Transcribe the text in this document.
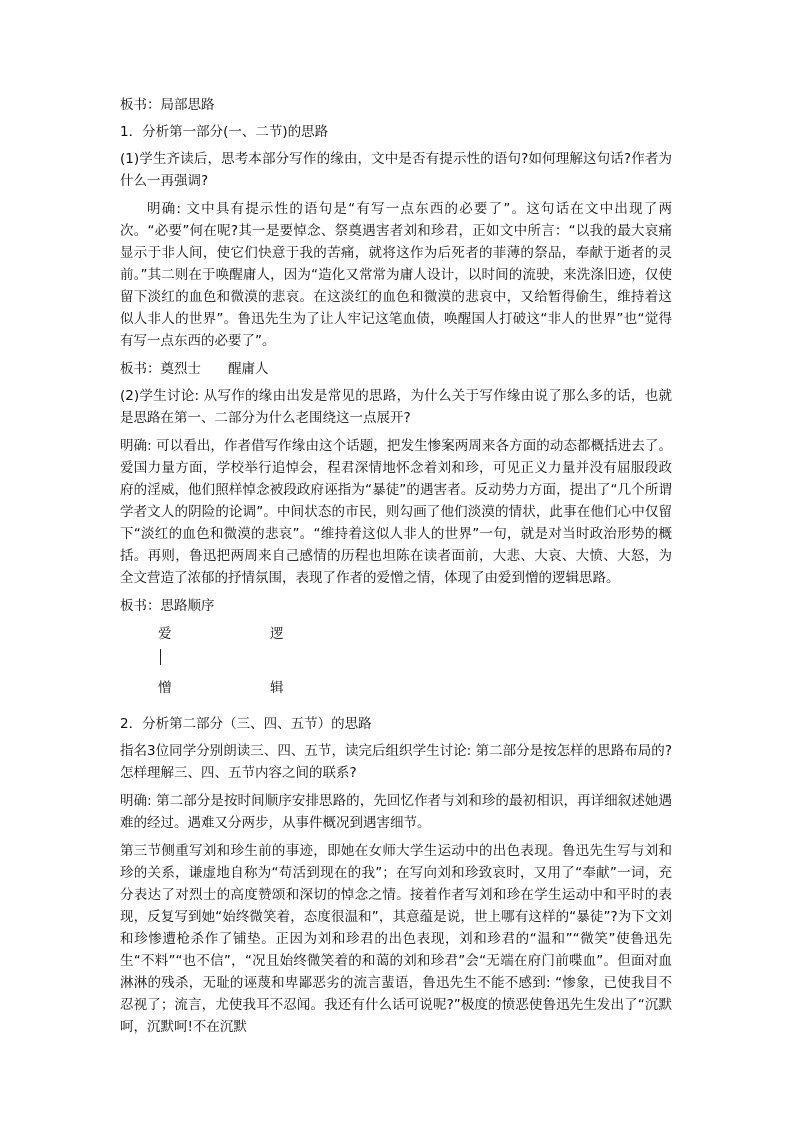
板书：局部思路

1．分析第一部分(一、二节)的思路

(1)学生齐读后，思考本部分写作的缘由，文中是否有提示性的语句?如何理解这句话?作者为什么一再强调?

明确: 文中具有提示性的语句是“有写一点东西的必要了”。这句话在文中出现了两次。“必要”何在呢?其一是要悼念、祭奠遇害者刘和珍君，正如文中所言：“以我的最大哀痛显示于非人间，使它们快意于我的苦痛，就将这作为后死者的菲薄的祭品，奉献于逝者的灵前。”其二则在于唤醒庸人，因为“造化又常常为庸人设计，以时间的流驶，来洗涤旧迹，仅使留下淡红的血色和微漠的悲哀。在这淡红的血色和微漠的悲哀中，又给暂得偷生，维持着这似人非人的世界”。鲁迅先生为了让人牢记这笔血债，唤醒国人打破这“非人的世界”也“觉得有写一点东西的必要了”。

板书：奠烈士　　醒庸人

(2)学生讨论: 从写作的缘由出发是常见的思路，为什么关于写作缘由说了那么多的话，也就是思路在第一、二部分为什么老围绕这一点展开?

明确: 可以看出，作者借写作缘由这个话题，把发生惨案两周来各方面的动态都概括进去了。爱国力量方面，学校举行追悼会，程君深情地怀念着刘和珍，可见正义力量并没有屈服段政府的淫威，他们照样悼念被段政府诬指为“暴徒”的遇害者。反动势力方面，提出了“几个所谓学者文人的阴险的论调”。中间状态的市民，则勾画了他们淡漠的情状，此事在他们心中仅留下“淡红的血色和微漠的悲哀”。“维持着这似人非人的世界”一句，就是对当时政治形势的概括。再则，鲁迅把两周来自己感情的历程也坦陈在读者面前，大悲、大哀、大愤、大怒，为全文营造了浓郁的抒情氛围，表现了作者的爱憎之情，体现了由爱到憎的逻辑思路。

板书：思路顺序

爱	逻
憎	辑

2．分析第二部分（三、四、五节）的思路

指名3位同学分别朗读三、四、五节，读完后组织学生讨论: 第二部分是按怎样的思路布局的?怎样理解三、四、五节内容之间的联系?

明确: 第二部分是按时间顺序安排思路的，先回忆作者与刘和珍的最初相识，再详细叙述她遇难的经过。遇难又分两步，从事件概况到遇害细节。

第三节侧重写刘和珍生前的事迹，即她在女师大学生运动中的出色表现。鲁迅先生写与刘和珍的关系，谦虚地自称为“苟活到现在的我”；在写向刘和珍致哀时，又用了“奉献”一词，充分表达了对烈士的高度赞颂和深切的悼念之情。接着作者写刘和珍在学生运动中和平时的表现，反复写到她“始终微笑着，态度很温和”，其意蕴是说，世上哪有这样的“暴徒”?为下文刘和珍惨遭枪杀作了铺垫。正因为刘和珍君的出色表现，刘和珍君的“温和”“微笑”使鲁迅先生“不料”“也不信”，“况且始终微笑着的和蔼的刘和珍君”会“无端在府门前喋血”。但面对血淋淋的残杀，无耻的诬蔑和卑鄙恶劣的流言蜚语，鲁迅先生不能不感到: “惨象，已使我目不忍视了；流言，尤使我耳不忍闻。我还有什么话可说呢?”极度的愤恶使鲁迅先生发出了“沉默呵，沉默呵!不在沉默
